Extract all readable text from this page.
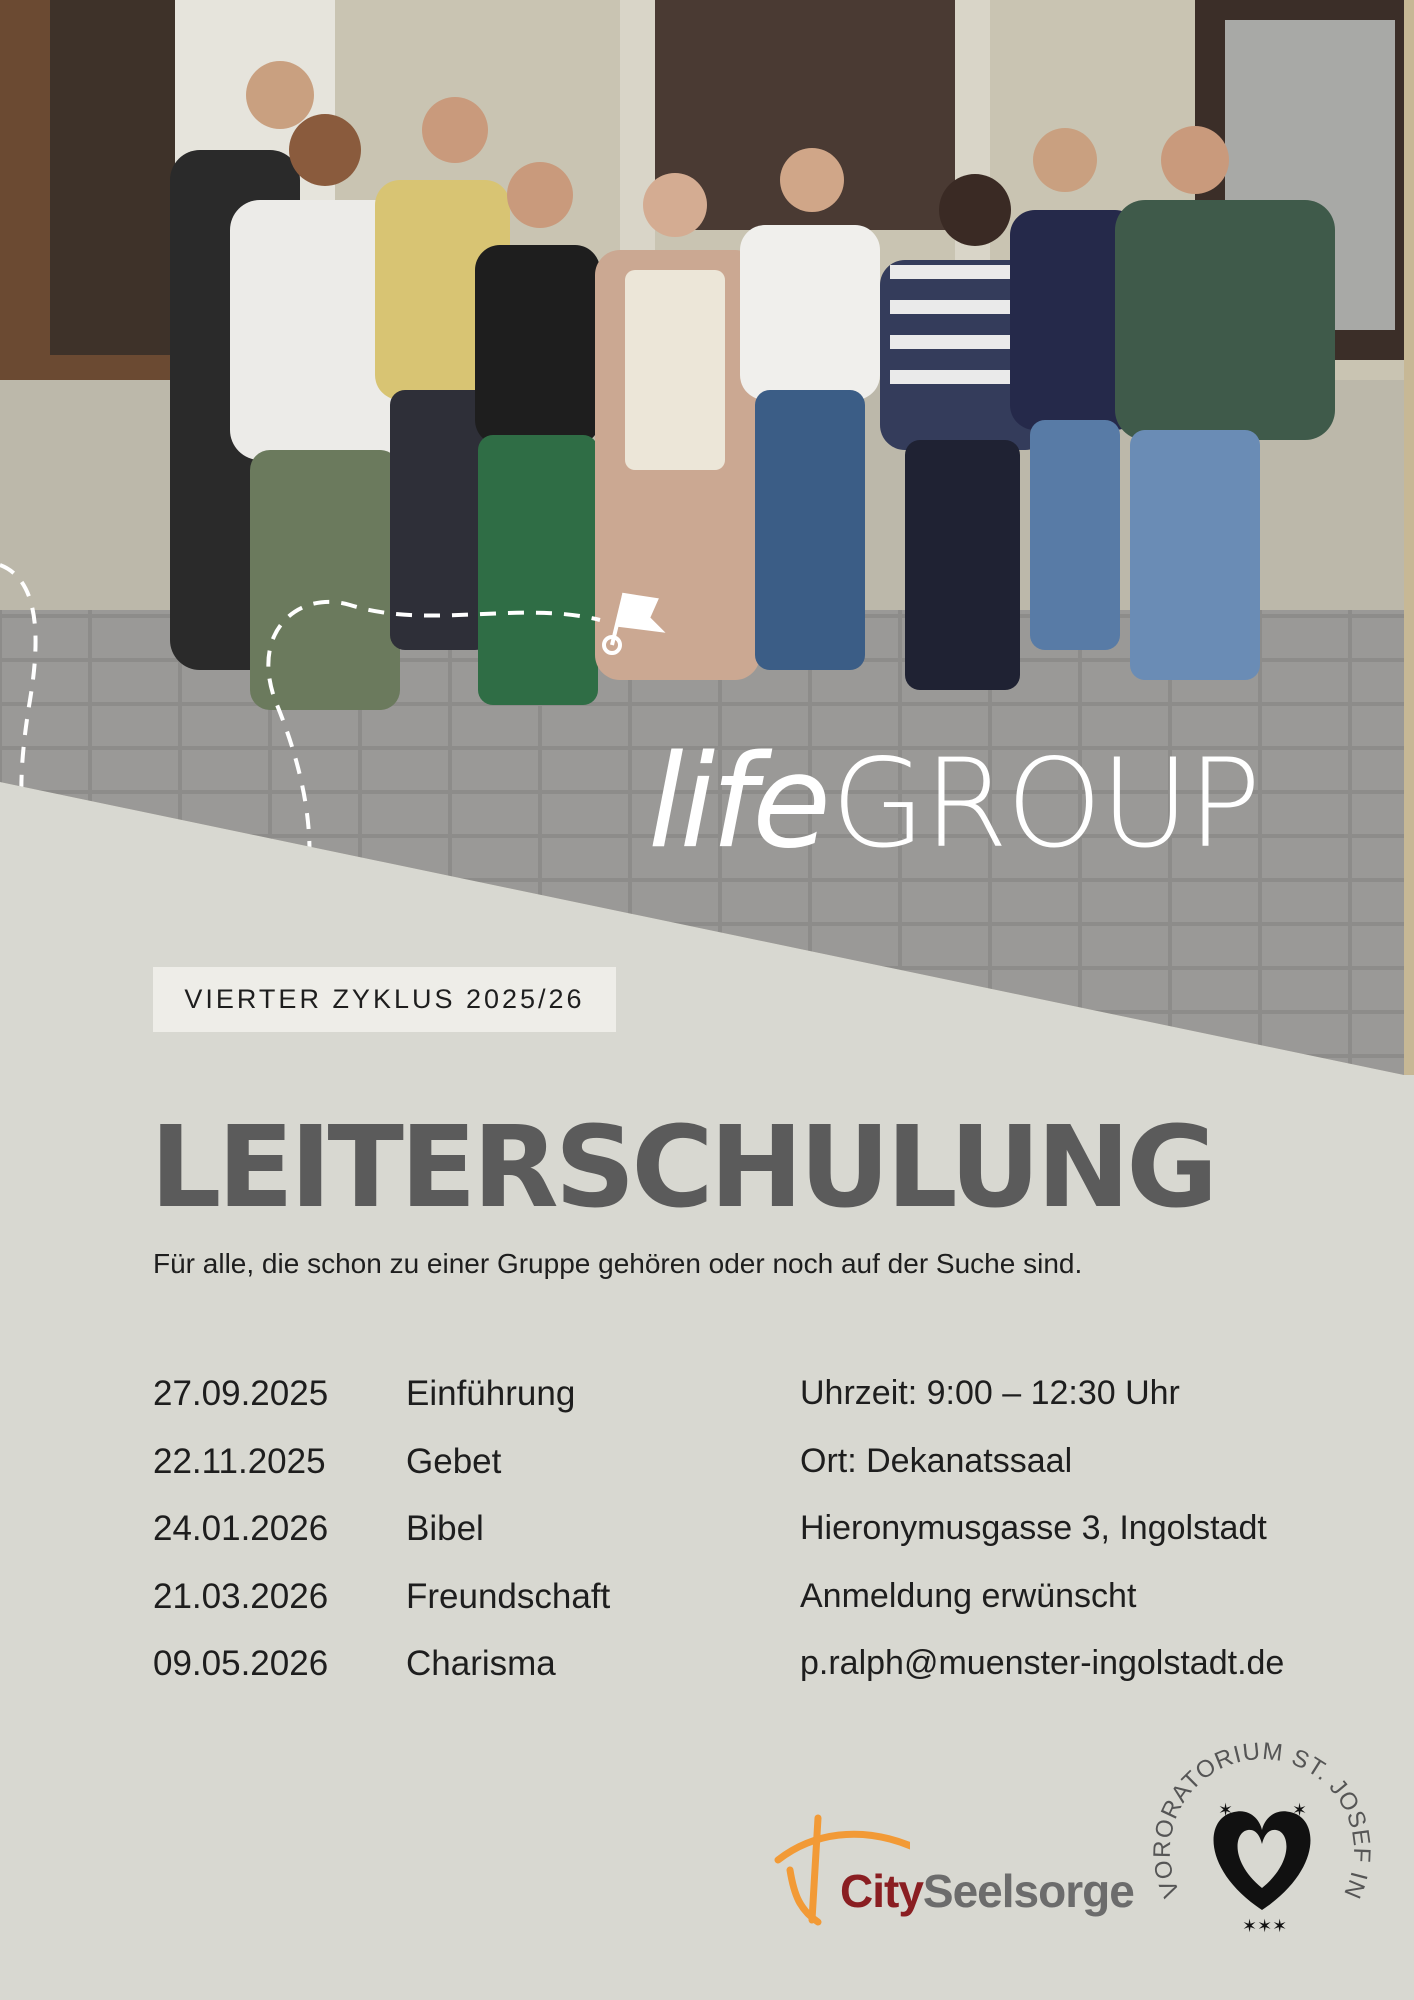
life GROUP
VIERTER ZYKLUS 2025/26
LEITERSCHULUNG
Für alle, die schon zu einer Gruppe gehören oder noch auf der Suche sind.
27.09.2025	Einführung
22.11.2025	Gebet
24.01.2026	Bibel
21.03.2026	Freundschaft
09.05.2026	Charisma
Uhrzeit: 9:00 – 12:30 Uhr
Ort: Dekanatssaal
Hieronymusgasse 3, Ingolstadt
Anmeldung erwünscht
p.ralph@muenster-ingolstadt.de
CitySeelsorge VORORATORIUM ST. JOSEF IN
✶	✶
✶✶✶
